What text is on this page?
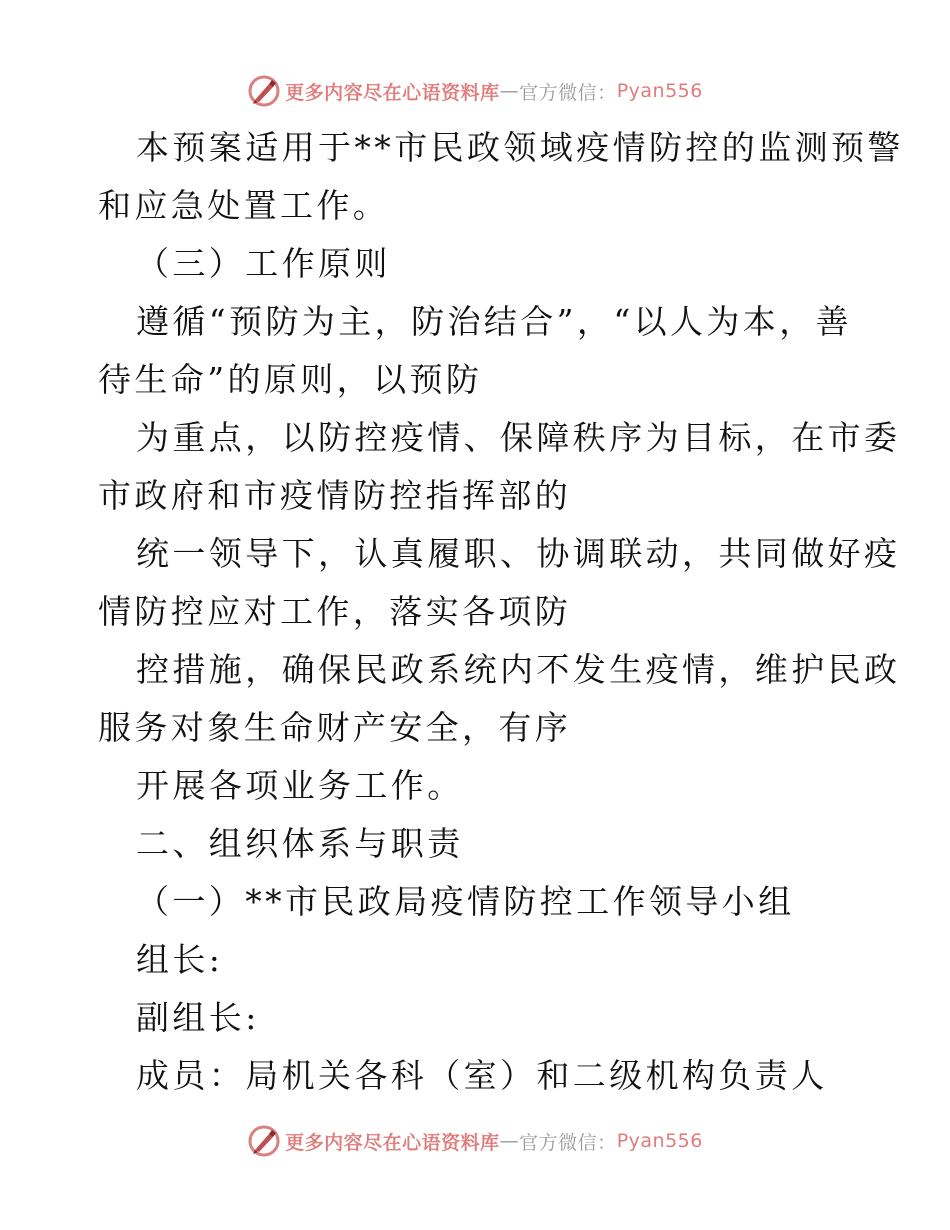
更多内容尽在心语资料库 — 官方微信： Pyan556
本预案适用于**市民政领域疫情防控的监测预警
和应急处置工作。
（三）工作原则
遵循“预防为主，防治结合”，“以人为本，善
待生命”的原则，以预防
为重点，以防控疫情、保障秩序为目标，在市委
市政府和市疫情防控指挥部的
统一领导下，认真履职、协调联动，共同做好疫
情防控应对工作，落实各项防
控措施，确保民政系统内不发生疫情，维护民政
服务对象生命财产安全，有序
开展各项业务工作。
二、组织体系与职责
（一）**市民政局疫情防控工作领导小组
组长:
副组长:
成员：局机关各科（室）和二级机构负责人
更多内容尽在心语资料库 — 官方微信： Pyan556
